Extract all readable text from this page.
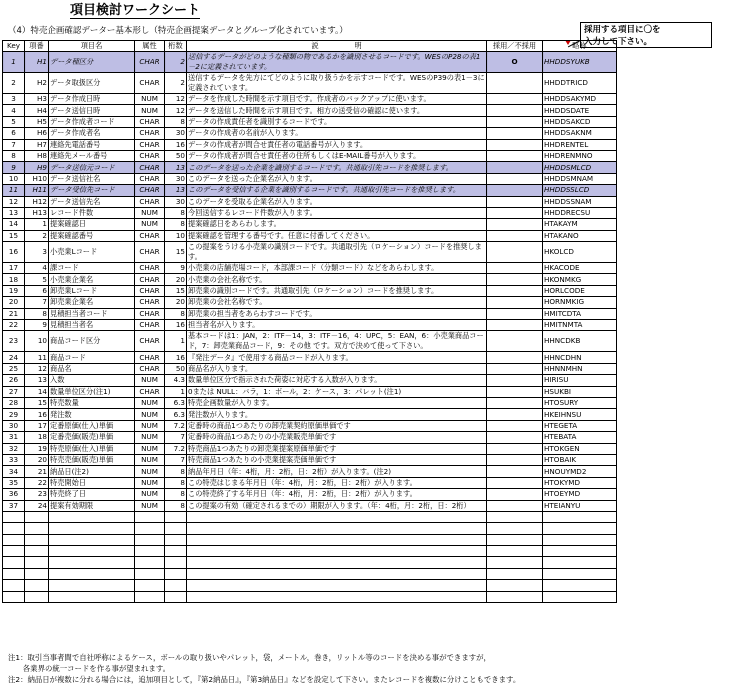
項目検討ワークシート
（4）特売企画確認データー基本形し（特売企画提案データとグループ化されています。）	採用する項目に〇を
入力して下さい。
Key	項番	項目名	属性	桁数	説　　　　　明	採用／不採用	略称
1	H1	データ種区分	CHAR	2	送信するデータがどのような種類の物であるかを識別させるコードです。WESのP28の表1－2に定義されています。	O	HHDDSYUKB
2	H2	データ取扱区分	CHAR	2	送信するデータを先方にてどのように取り扱うかを示すコードです。WESのP39の表1－3に定義されています。		HHDDTRICD
3	H3	データ作成日時	NUM	12	データを作成した時間を示す項目です。作成者のバックアップに使います。		HHDDSAKYMD
4	H4	データ送信日時	NUM	12	データを送信した時間を示す項目です。相方の送受信の確認に使います。		HHDDSDATE
5	H5	データ作成者コード	CHAR	8	データの作成責任者を識別するコードです。		HHDDSAKCD
6	H6	データ作成者名	CHAR	30	データの作成者の名前が入ります。		HHDDSAKNM
7	H7	連絡先電話番号	CHAR	16	データの作成者が問合せ責任者の電話番号が入ります。		HHDRENTEL
8	H8	連絡先メール番号	CHAR	50	データの作成者が問合せ責任者の住所もしくはE-MAIL番号が入ります。		HHDRENMNO
9	H9	データ送信元コード	CHAR	13	このデータを送った企業を識別するコードです。共通取引先コードを推奨します。		HHDDSMLCD
10	H10	データ送信社名	CHAR	30	このデータを送った企業名が入ります。		HHDDSMNAM
11	H11	データ受信先コード	CHAR	13	このデータを受信する企業を識別するコードです。共通取引先コードを推奨します。		HHDDSSLCD
12	H12	データ送信先名	CHAR	30	このデータを受取る企業名が入ります。		HHDDSSNAM
13	H13	レコード件数	NUM	8	今回送信するレコード件数が入ります。		HHDDRECSU
14	1	提案確認日	NUM	8	提案確認日をあらわします。		HTAKAYM
15	2	提案確認番号	CHAR	10	提案確認を管理する番号です。任意に付番してください。		HTAKANO
16	3	小売業Lコード	CHAR	15	この提案をうける小売業の識別コードです。共通取引先（ロケーション）コードを推奨します。		HKOLCD
17	4	課コード	CHAR	9	小売業の店舗売場コード，本部課コード（分類コード）などをあらわします。		HKACODE
18	5	小売業企業名	CHAR	20	小売業の会社名称です。		HKONMKG
19	6	卸売業Lコード	CHAR	15	卸売業の識別コードです。共通取引先（ロケーション）コードを推奨します。		HORLCODE
20	7	卸売業企業名	CHAR	20	卸売業の会社名称です。		HORNMKIG
21	8	見積担当者コード	CHAR	8	卸売業の担当者をあらわすコードです。		HMITCDTA
22	9	見積担当者名	CHAR	16	担当者名が入ります。		HMITNMTA
23	10	商品コード区分	CHAR	1	基本コードは1：JAN，2：ITF－14，3：ITF－16，4：UPC，5：EAN，6：小売業商品コード，7：卸売業商品コード，9：その他 です。双方で決めて使って下さい。		HHNCDKB
24	11	商品コード	CHAR	16	『発注データ』で使用する商品コードが入ります。		HHNCDHN
25	12	商品名	CHAR	50	商品名が入ります。		HHNNMHN
26	13	入数	NUM	4.3	数量単位区分で指示された荷姿に対応する入数が入ります。		HIRISU
27	14	数量単位区分(注1)	CHAR	1	0または NULL：バラ，1：ボール，2：ケース，3：パレット(注1)		HSUKBI
28	15	特売数量	NUM	6.3	特売企画数量が入ります。		HTOSURY
29	16	発注数	NUM	6.3	発注数が入ります。		HKEIHNSU
30	17	定番原価(仕入)単価	NUM	7.2	定番時の商品1つあたりの卸売業契約原価単価です		HTEGETA
31	18	定番売価(販売)単価	NUM	7	定番時の商品1つあたりの小売業販売単価です		HTEBATA
32	19	特売原価(仕入)単価	NUM	7.2	特売商品1つあたりの卸売業提案原価単価です		HTOKGEN
33	20	特売売価(販売)単価	NUM	7	特売商品1つあたりの小売業提案売価単価です		HTOBAIK
34	21	納品日(注2)	NUM	8	納品年月日（年：4桁，月：2桁，日：2桁）が入ります。(注2)		HNOUYMD2
35	22	特売開始日	NUM	8	この特売はじまる年月日（年：4桁，月：2桁，日：2桁）が入ります。		HTOKYMD
36	23	特売終了日	NUM	8	この特売終了する年月日（年：4桁，月：2桁，日：2桁）が入ります。		HTOEYMD
37	24	提案有効期限	NUM	8	この提案の有効（確定されるまでの）期限が入ります。（年：4桁，月：2桁，日：2桁）		HTEIANYU

注1：取引当事者間で自社呼称によるケース，ボールの取り扱いやパレット，袋，メートル，巻き，リットル等のコードを決める事ができますが，
　　各業界の統一コードを作る事が望まれます。
注2：納品日が複数に分れる場合には，追加項目として，『第2納品日』，『第3納品日』などを設定して下さい。またレコードを複数に分けこともできます。
